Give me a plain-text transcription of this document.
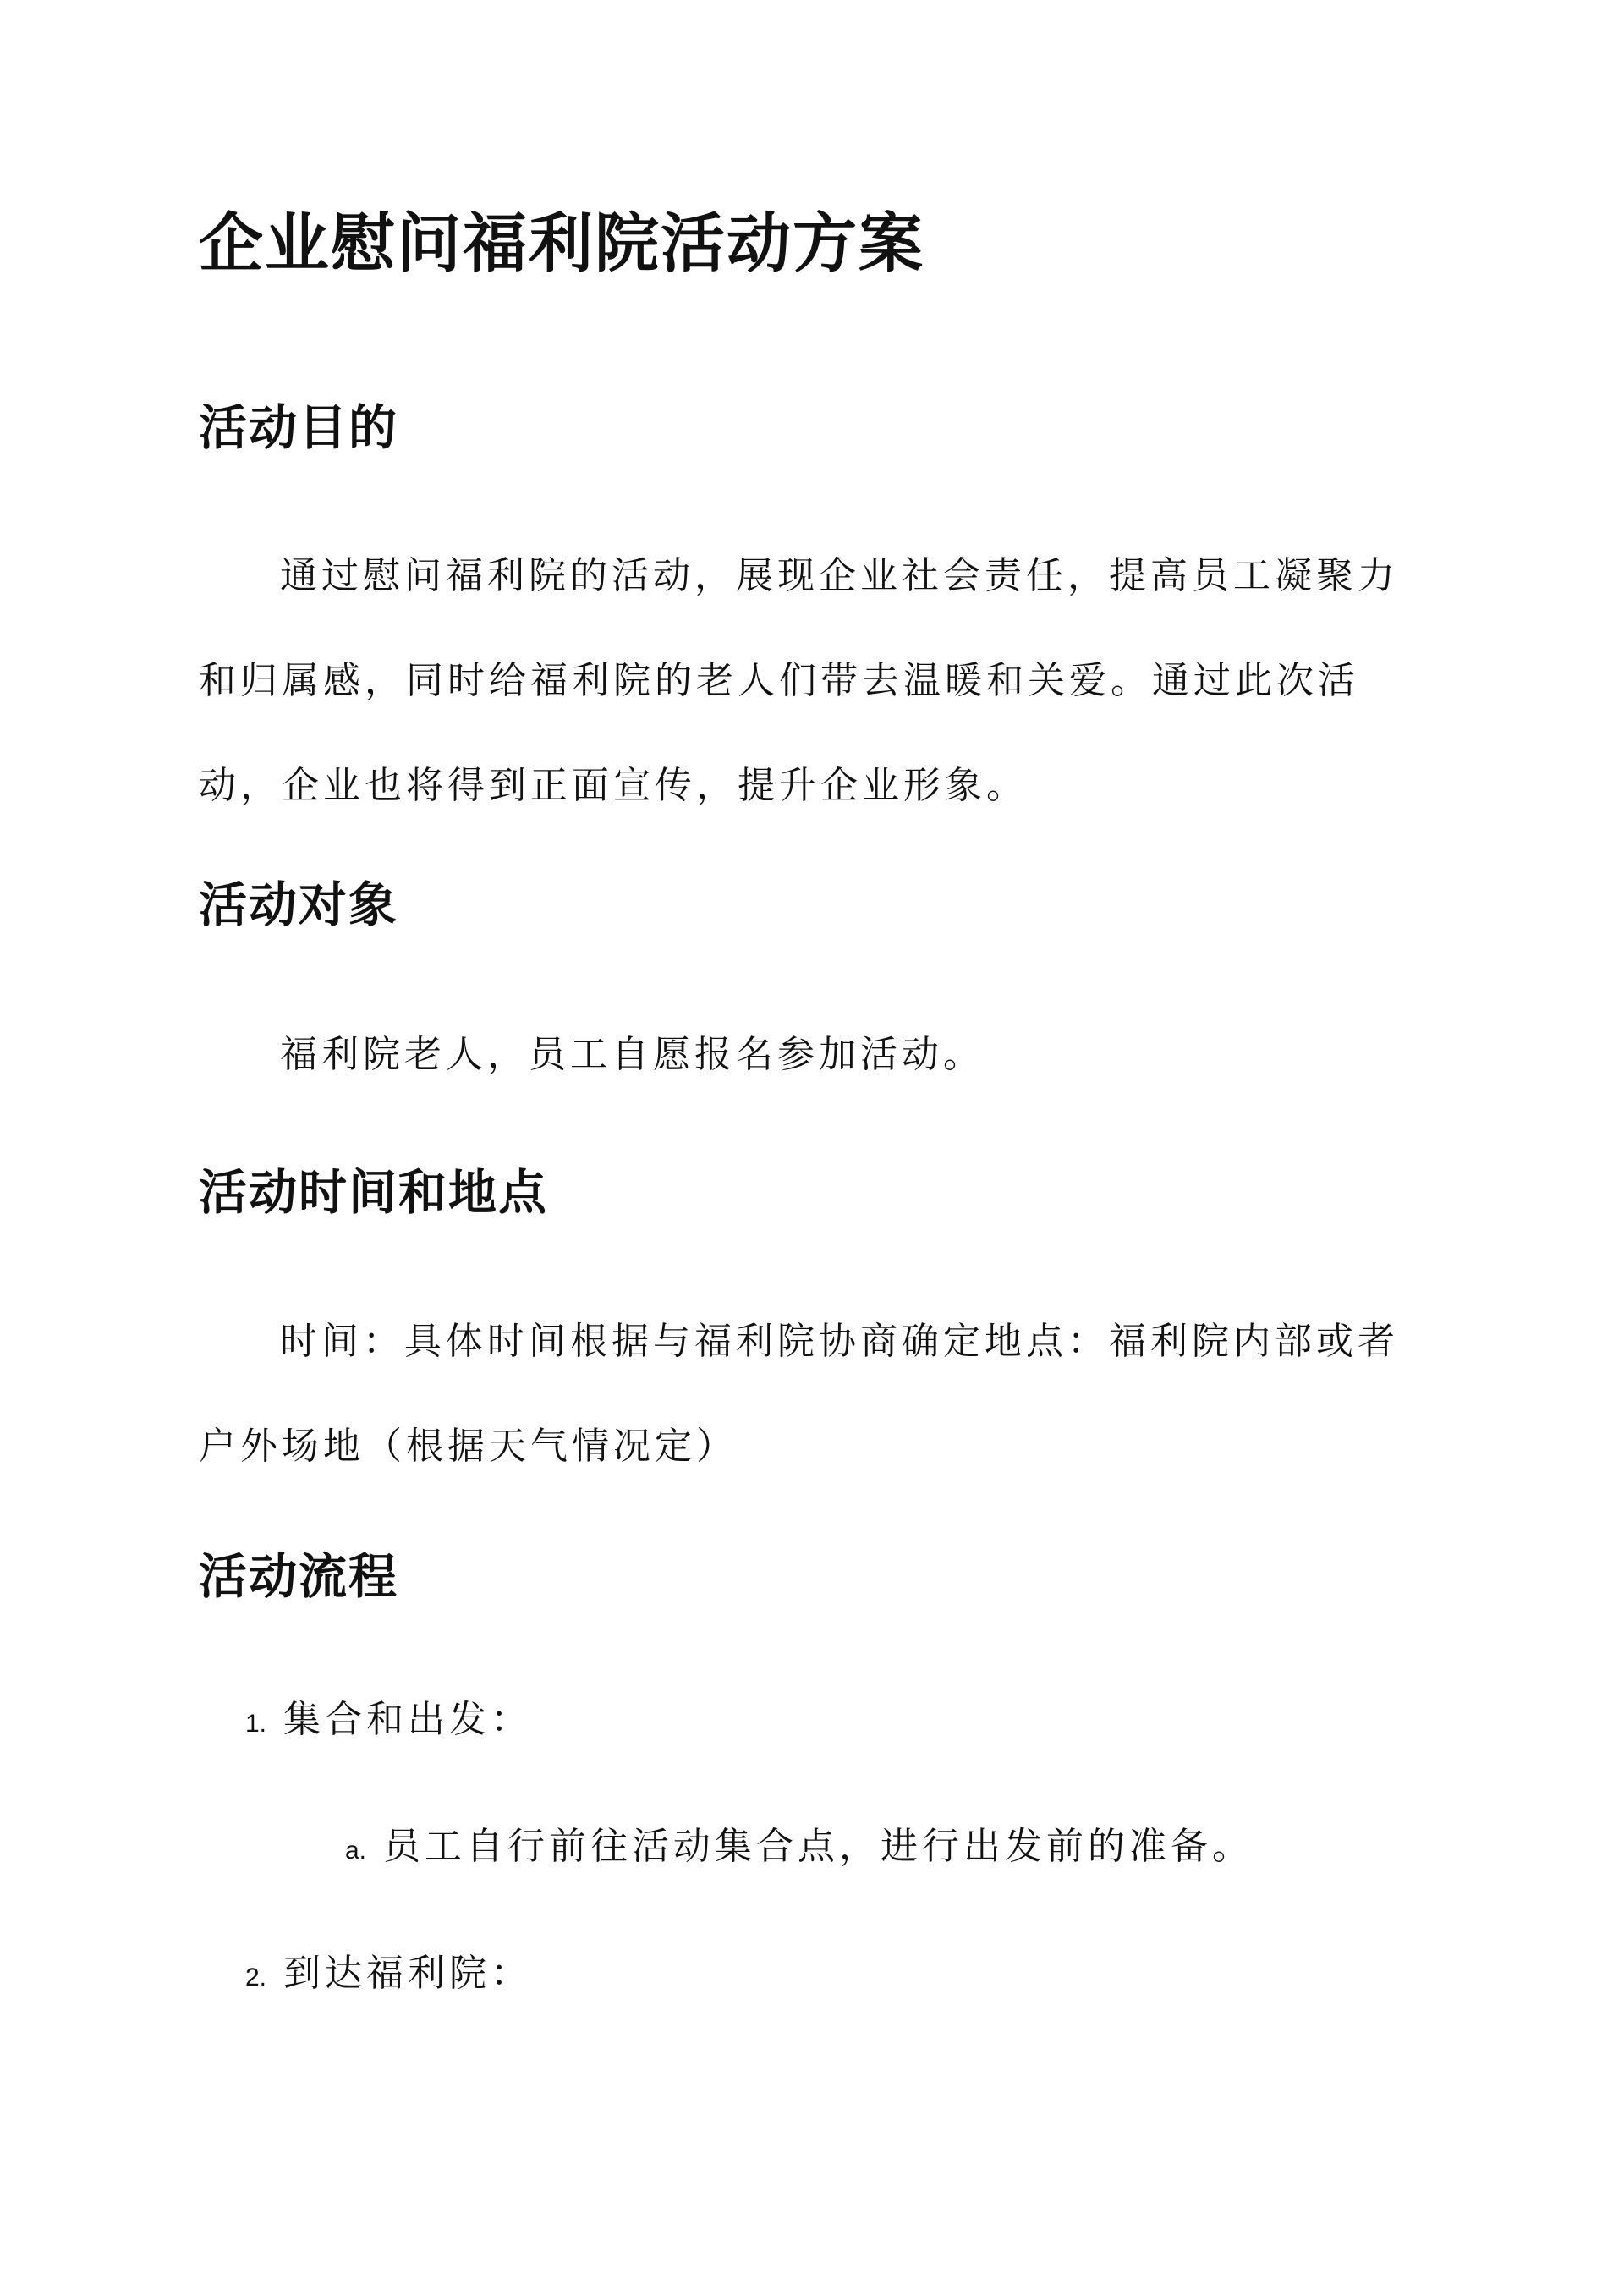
企业慰问福利院活动方案
活动目的

通过慰问福利院的活动，展现企业社会责任，提高员工凝聚力和归属感，同时给福利院的老人们带去温暖和关爱。通过此次活动，企业也将得到正面宣传，提升企业形象。

活动对象

福利院老人，员工自愿报名参加活动。

活动时间和地点

时间：具体时间根据与福利院协商确定地点：福利院内部或者户外场地（根据天气情况定）

活动流程
1. 集合和出发：
a. 员工自行前往活动集合点，进行出发前的准备。
2. 到达福利院：
